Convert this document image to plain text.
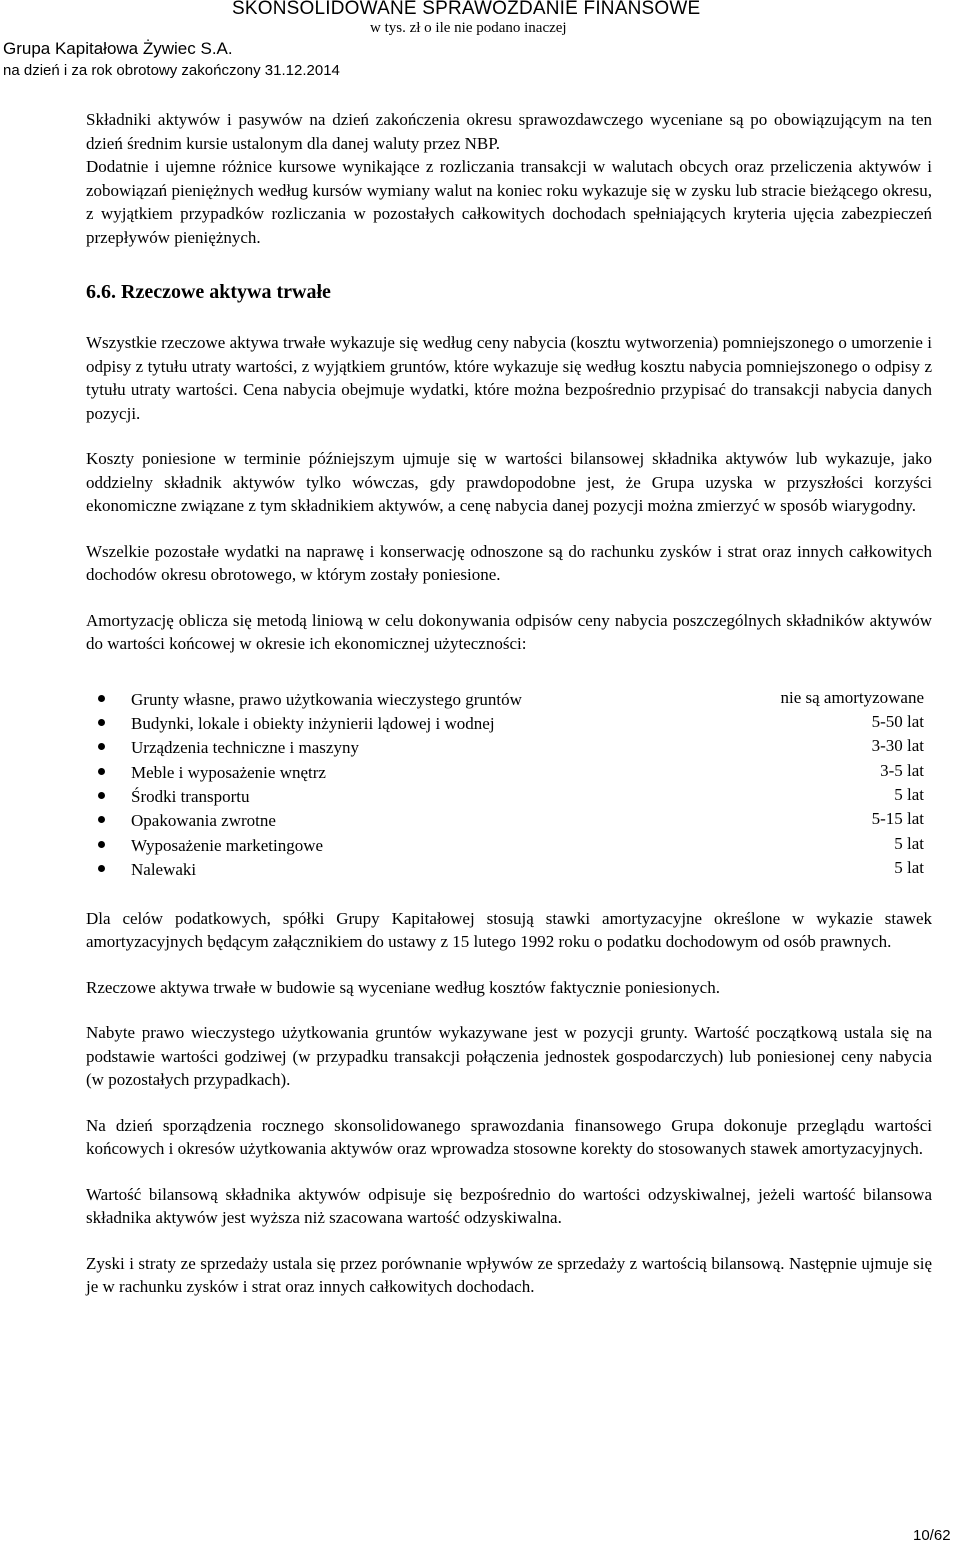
SKONSOLIDOWANE SPRAWOZDANIE FINANSOWE
w tys. zł o ile nie podano inaczej
Grupa Kapitałowa Żywiec S.A.
na dzień i za rok obrotowy zakończony 31.12.2014

Składniki aktywów i pasywów na dzień zakończenia okresu sprawozdawczego wyceniane są po obowiązującym na ten dzień średnim kursie ustalonym dla danej waluty przez NBP.

Dodatnie i ujemne różnice kursowe wynikające z rozliczania transakcji w walutach obcych oraz przeliczenia aktywów i zobowiązań pieniężnych według kursów wymiany walut na koniec roku wykazuje się w zysku lub stracie bieżącego okresu, z wyjątkiem przypadków rozliczania w pozostałych całkowitych dochodach spełniających kryteria ujęcia zabezpieczeń przepływów pieniężnych.

6.6. Rzeczowe aktywa trwałe

Wszystkie rzeczowe aktywa trwałe wykazuje się według ceny nabycia (kosztu wytworzenia) pomniejszonego o umorzenie i odpisy z tytułu utraty wartości, z wyjątkiem gruntów, które wykazuje się według kosztu nabycia pomniejszonego o odpisy z tytułu utraty wartości. Cena nabycia obejmuje wydatki, które można bezpośrednio przypisać do transakcji nabycia danych pozycji.

Koszty poniesione w terminie późniejszym ujmuje się w wartości bilansowej składnika aktywów lub wykazuje, jako oddzielny składnik aktywów tylko wówczas, gdy prawdopodobne jest, że Grupa uzyska w przyszłości korzyści ekonomiczne związane z tym składnikiem aktywów, a cenę nabycia danej pozycji można zmierzyć w sposób wiarygodny.

Wszelkie pozostałe wydatki na naprawę i konserwację odnoszone są do rachunku zysków i strat oraz innych całkowitych dochodów okresu obrotowego, w którym zostały poniesione.

Amortyzację oblicza się metodą liniową w celu dokonywania odpisów ceny nabycia poszczególnych składników aktywów do wartości końcowej w okresie ich ekonomicznej użyteczności:

Grunty własne, prawo użytkowania wieczystego gruntów	nie są amortyzowane
Budynki, lokale i obiekty inżynierii lądowej i wodnej	5-50 lat
Urządzenia techniczne i maszyny	3-30 lat
Meble i wyposażenie wnętrz	3-5 lat
Środki transportu	5 lat
Opakowania zwrotne	5-15 lat
Wyposażenie marketingowe	5 lat
Nalewaki	5 lat

Dla celów podatkowych, spółki Grupy Kapitałowej stosują stawki amortyzacyjne określone w wykazie stawek amortyzacyjnych będącym załącznikiem do ustawy z 15 lutego 1992 roku o podatku dochodowym od osób prawnych.

Rzeczowe aktywa trwałe w budowie są wyceniane według kosztów faktycznie poniesionych.

Nabyte prawo wieczystego użytkowania gruntów wykazywane jest w pozycji grunty. Wartość początkową ustala się na podstawie wartości godziwej (w przypadku transakcji połączenia jednostek gospodarczych) lub poniesionej ceny nabycia (w pozostałych przypadkach).

Na dzień sporządzenia rocznego skonsolidowanego sprawozdania finansowego Grupa dokonuje przeglądu wartości końcowych i okresów użytkowania aktywów oraz wprowadza stosowne korekty do stosowanych stawek amortyzacyjnych.

Wartość bilansową składnika aktywów odpisuje się bezpośrednio do wartości odzyskiwalnej, jeżeli wartość bilansowa składnika aktywów jest wyższa niż szacowana wartość odzyskiwalna.

Zyski i straty ze sprzedaży ustala się przez porównanie wpływów ze sprzedaży z wartością bilansową. Następnie ujmuje się je w rachunku zysków i strat oraz innych całkowitych dochodach.

10/62
